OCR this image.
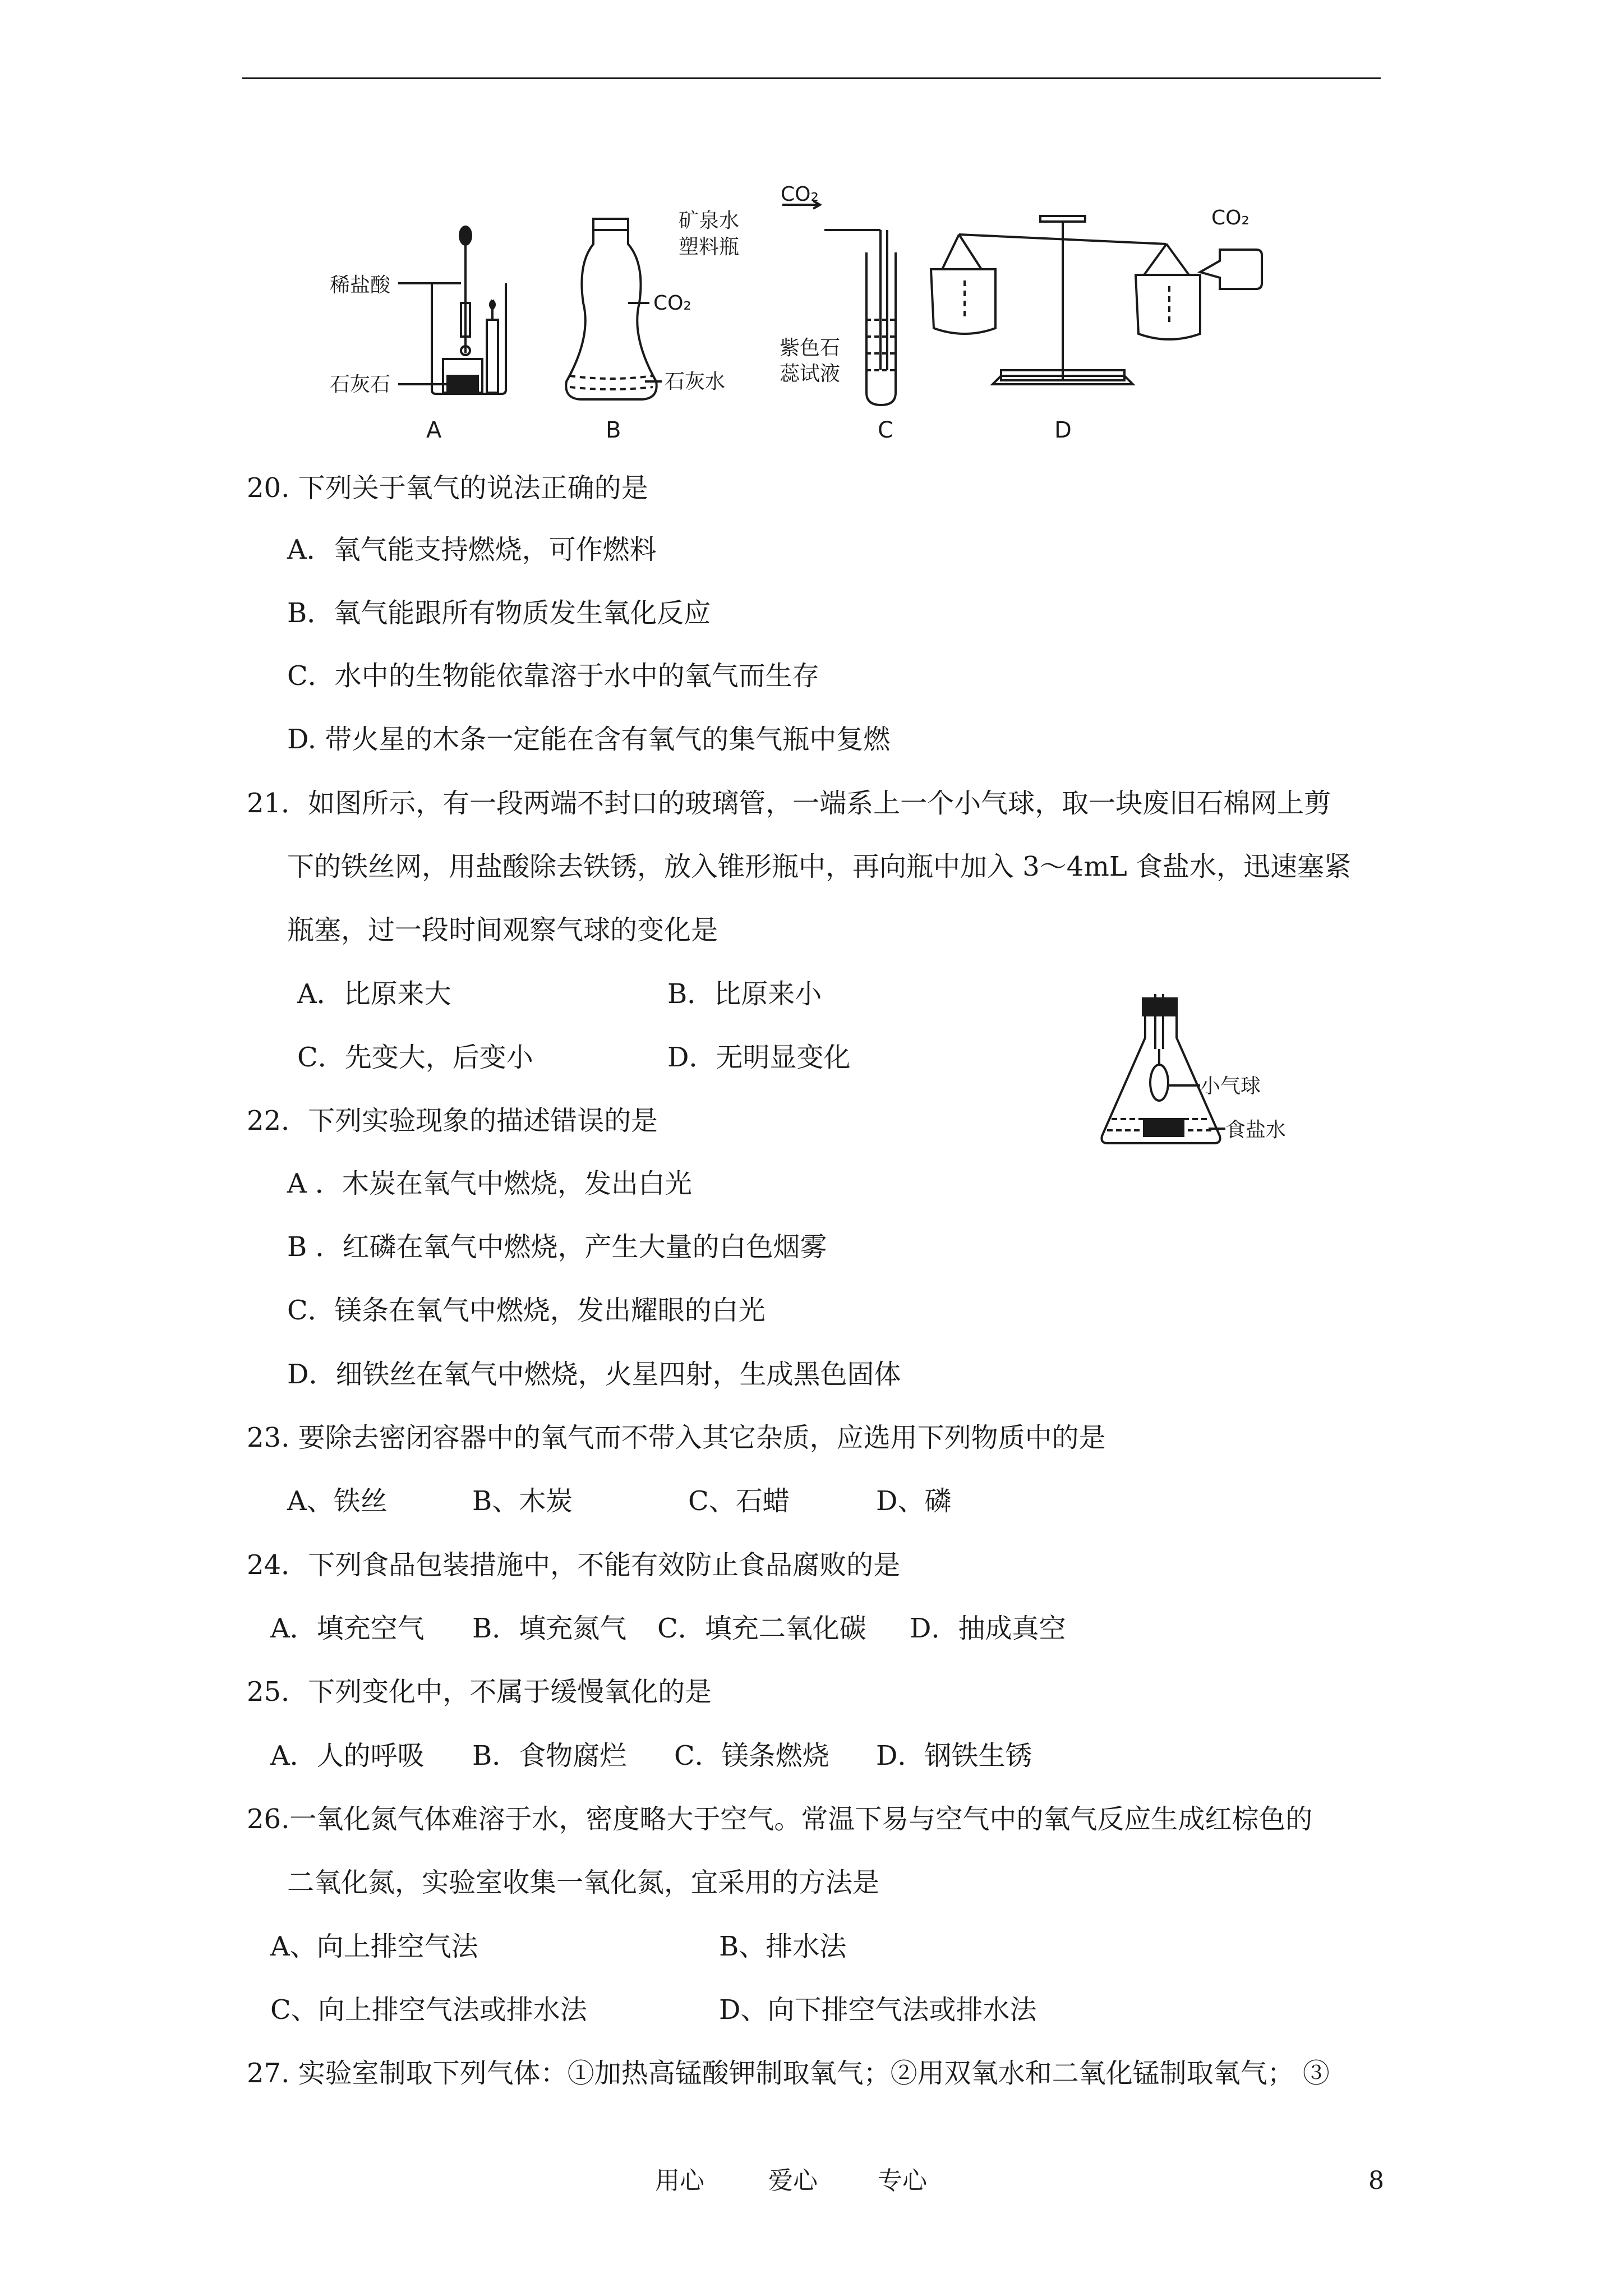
稀盐酸
石灰石
矿泉水
塑料瓶
CO₂
石灰水
CO₂
紫色石
蕊试液
CO₂
A	B	C	D
20. 下列关于氧气的说法正确的是
A．氧气能支持燃烧，可作燃料
B．氧气能跟所有物质发生氧化反应
C．水中的生物能依靠溶于水中的氧气而生存
D. 带火星的木条一定能在含有氧气的集气瓶中复燃
21．如图所示，有一段两端不封口的玻璃管，一端系上一个小气球，取一块废旧石棉网上剪
下的铁丝网，用盐酸除去铁锈，放入锥形瓶中，再向瓶中加入 3～4mL 食盐水，迅速塞紧
瓶塞，过一段时间观察气球的变化是
A．比原来大	B．比原来小
C．先变大，后变小	D．无明显变化
小气球
食盐水
22．下列实验现象的描述错误的是
A ．木炭在氧气中燃烧，发出白光
B ．红磷在氧气中燃烧，产生大量的白色烟雾
C．镁条在氧气中燃烧，发出耀眼的白光
D．细铁丝在氧气中燃烧，火星四射，生成黑色固体
23. 要除去密闭容器中的氧气而不带入其它杂质，应选用下列物质中的是
A、铁丝	B、木炭	C、石蜡	D、磷
24．下列食品包装措施中，不能有效防止食品腐败的是
A．填充空气 B．填充氮气 C．填充二氧化碳 D．抽成真空
25．下列变化中，不属于缓慢氧化的是
A．人的呼吸 B．食物腐烂 C．镁条燃烧 D．钢铁生锈
26.一氧化氮气体难溶于水，密度略大于空气。常温下易与空气中的氧气反应生成红棕色的
二氧化氮，实验室收集一氧化氮，宜采用的方法是
A、向上排空气法	B、排水法
C、向上排空气法或排水法	D、向下排空气法或排水法
27. 实验室制取下列气体：①加热高锰酸钾制取氧气；②用双氧水和二氧化锰制取氧气； ③
用心	爱心 专心	8
